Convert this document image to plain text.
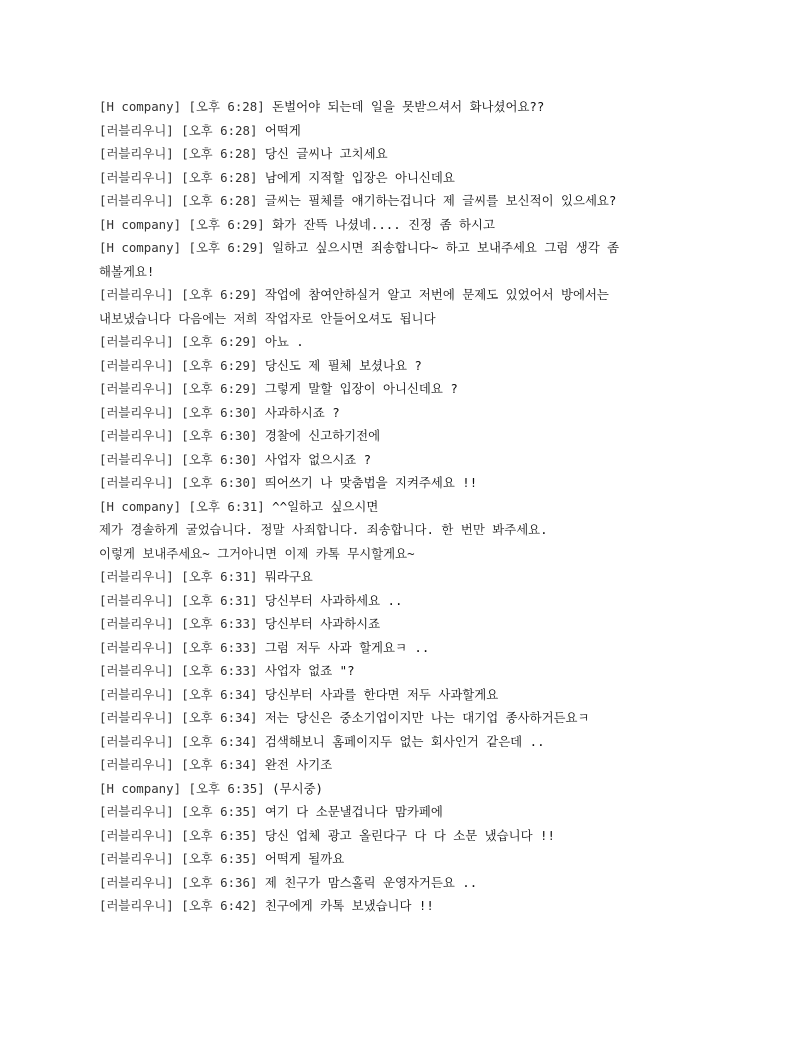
[H company] [오후 6:28] 돈벌어야 되는데 일을 못받으셔서 화나셨어요??
[러블리우니] [오후 6:28] 어떡게
[러블리우니] [오후 6:28] 당신 글씨나 고치세요
[러블리우니] [오후 6:28] 남에게 지적할 입장은 아니신데요
[러블리우니] [오후 6:28] 글씨는 필체를 얘기하는겁니다 제 글씨를 보신적이 있으세요?
[H company] [오후 6:29] 화가 잔뜩 나셨네.... 진정 좀 하시고
[H company] [오후 6:29] 일하고 싶으시면 죄송합니다~ 하고 보내주세요 그럼 생각 좀
해볼게요!
[러블리우니] [오후 6:29] 작업에 참여안하실거 알고 저번에 문제도 있었어서 방에서는
내보냈습니다 다음에는 저희 작업자로 안들어오셔도 됩니다
[러블리우니] [오후 6:29] 아뇨 .
[러블리우니] [오후 6:29] 당신도 제 필체 보셨나요 ?
[러블리우니] [오후 6:29] 그렇게 말할 입장이 아니신데요 ?
[러블리우니] [오후 6:30] 사과하시죠 ?
[러블리우니] [오후 6:30] 경찰에 신고하기전에
[러블리우니] [오후 6:30] 사업자 없으시죠 ?
[러블리우니] [오후 6:30] 띄어쓰기 나 맞춤법을 지켜주세요 !!
[H company] [오후 6:31] ^^일하고 싶으시면
제가 경솔하게 굴었습니다. 정말 사죄합니다. 죄송합니다. 한 번만 봐주세요.
이렇게 보내주세요~ 그거아니면 이제 카톡 무시할게요~
[러블리우니] [오후 6:31] 뭐라구요
[러블리우니] [오후 6:31] 당신부터 사과하세요 ..
[러블리우니] [오후 6:33] 당신부터 사과하시죠
[러블리우니] [오후 6:33] 그럼 저두 사과 할게요ㅋ ..
[러블리우니] [오후 6:33] 사업자 없죠 "?
[러블리우니] [오후 6:34] 당신부터 사과를 한다면 저두 사과할게요
[러블리우니] [오후 6:34] 저는 당신은 중소기업이지만 나는 대기업 종사하거든요ㅋ
[러블리우니] [오후 6:34] 검색해보니 홈페이지두 없는 회사인거 같은데 ..
[러블리우니] [오후 6:34] 완전 사기조
[H company] [오후 6:35] (무시중)
[러블리우니] [오후 6:35] 여기 다 소문낼겁니다 맘카페에
[러블리우니] [오후 6:35] 당신 업체 광고 올린다구 다 다 소문 냈습니다 !!
[러블리우니] [오후 6:35] 어떡게 될까요
[러블리우니] [오후 6:36] 제 친구가 맘스홀릭 운영자거든요 ..
[러블리우니] [오후 6:42] 친구에게 카톡 보냈습니다 !!
